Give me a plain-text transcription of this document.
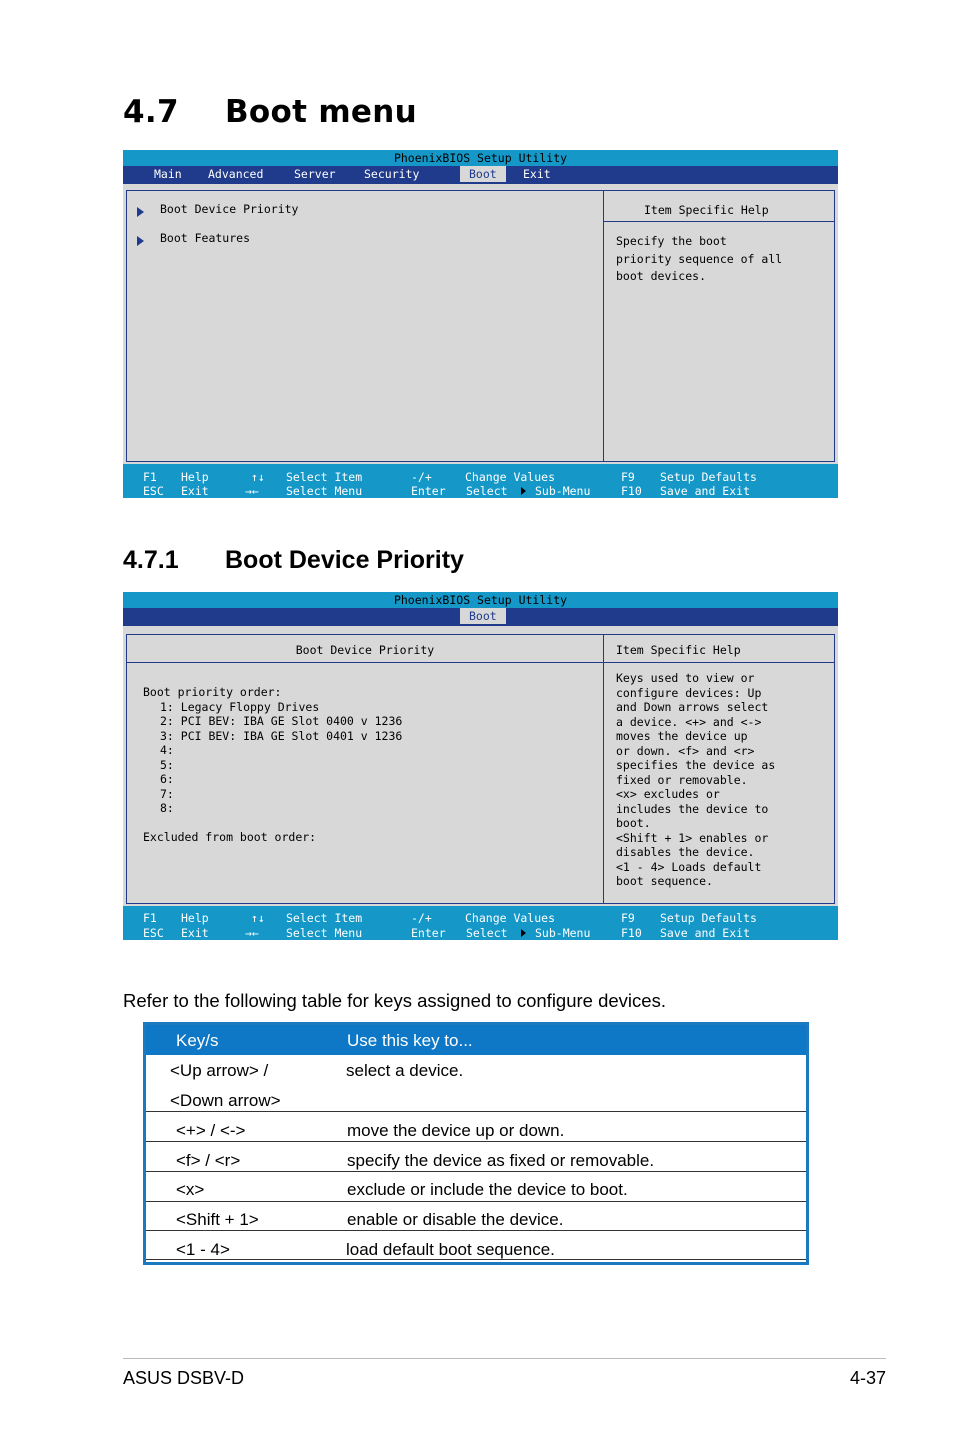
4.7 Boot menu
PhoenixBIOS Setup Utility
Main Advanced	Server Security	Boot	Exit
Boot Device Priority
Boot Features
Item Specific Help
Specify the boot
priority sequence of all
boot devices.
F1 Help
ESC Exit
↑↓ Select Item
→← Select Menu
-/+	Change Values
Enter Select Sub-Menu
F9 Setup Defaults
F10 Save and Exit
4.7.1 Boot Device Priority
PhoenixBIOS Setup Utility
Boot
Boot Device Priority
Boot priority order:
1: Legacy Floppy Drives
2: PCI BEV: IBA GE Slot 0400 v 1236
3: PCI BEV: IBA GE Slot 0401 v 1236
4:
5:
6:
7:
8:

Excluded from boot order:
Item Specific Help
Keys used to view or
configure devices: Up
and Down arrows select
a device. <+> and <->
moves the device up
or down. <f> and <r>
specifies the device as
fixed or removable.
<x> excludes or
includes the device to
boot.
<Shift + 1> enables or
disables the device.
<1 - 4> Loads default
boot sequence.
F1 Help
ESC Exit
↑↓ Select Item
→← Select Menu
-/+	Change Values
Enter Select Sub-Menu
F9 Setup Defaults
F10 Save and Exit
Refer to the following table for keys assigned to configure devices.
Key/s	Use this key to...
<Up arrow> /	select a device.
<Down arrow>
<+> / <->	move the device up or down.
<f> / <r>	specify the device as fixed or removable.
<x>	exclude or include the device to boot.
<Shift + 1>	enable or disable the device.
<1 - 4>	load default boot sequence.
ASUS DSBV-D	4-37
